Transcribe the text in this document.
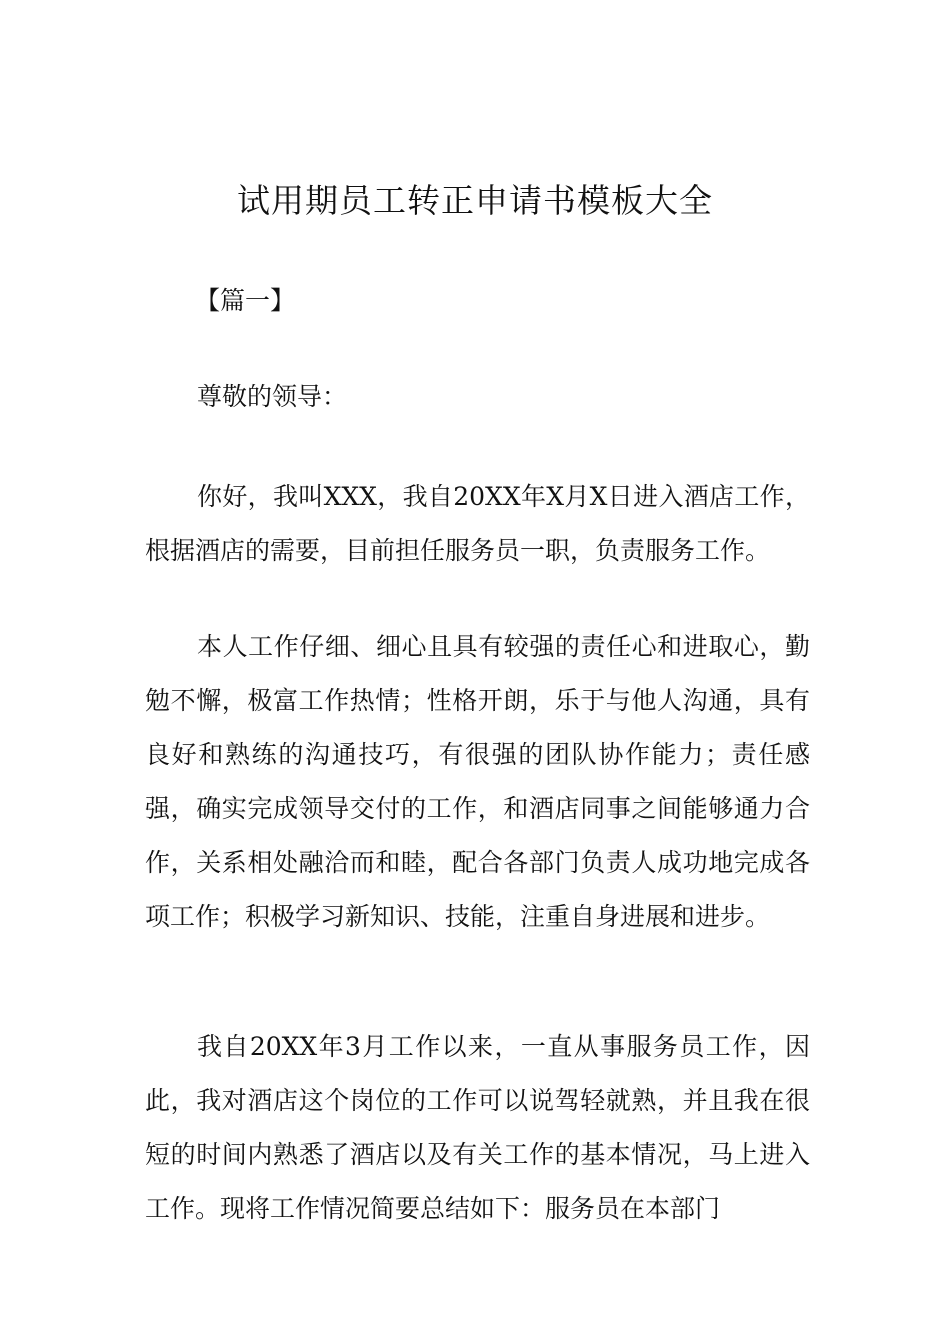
试用期员工转正申请书模板大全

【篇一】

尊敬的领导：

你好，我叫XXX，我自20XX年X月X日进入酒店工作，根据酒店的需要，目前担任服务员一职，负责服务工作。

本人工作仔细、细心且具有较强的责任心和进取心，勤勉不懈，极富工作热情；性格开朗，乐于与他人沟通，具有良好和熟练的沟通技巧，有很强的团队协作能力；责任感强，确实完成领导交付的工作，和酒店同事之间能够通力合作，关系相处融洽而和睦，配合各部门负责人成功地完成各项工作；积极学习新知识、技能，注重自身进展和进步。

我自20XX年3月工作以来，一直从事服务员工作，因此，我对酒店这个岗位的工作可以说驾轻就熟，并且我在很短的时间内熟悉了酒店以及有关工作的基本情况，马上进入工作。现将工作情况简要总结如下：服务员在本部门
